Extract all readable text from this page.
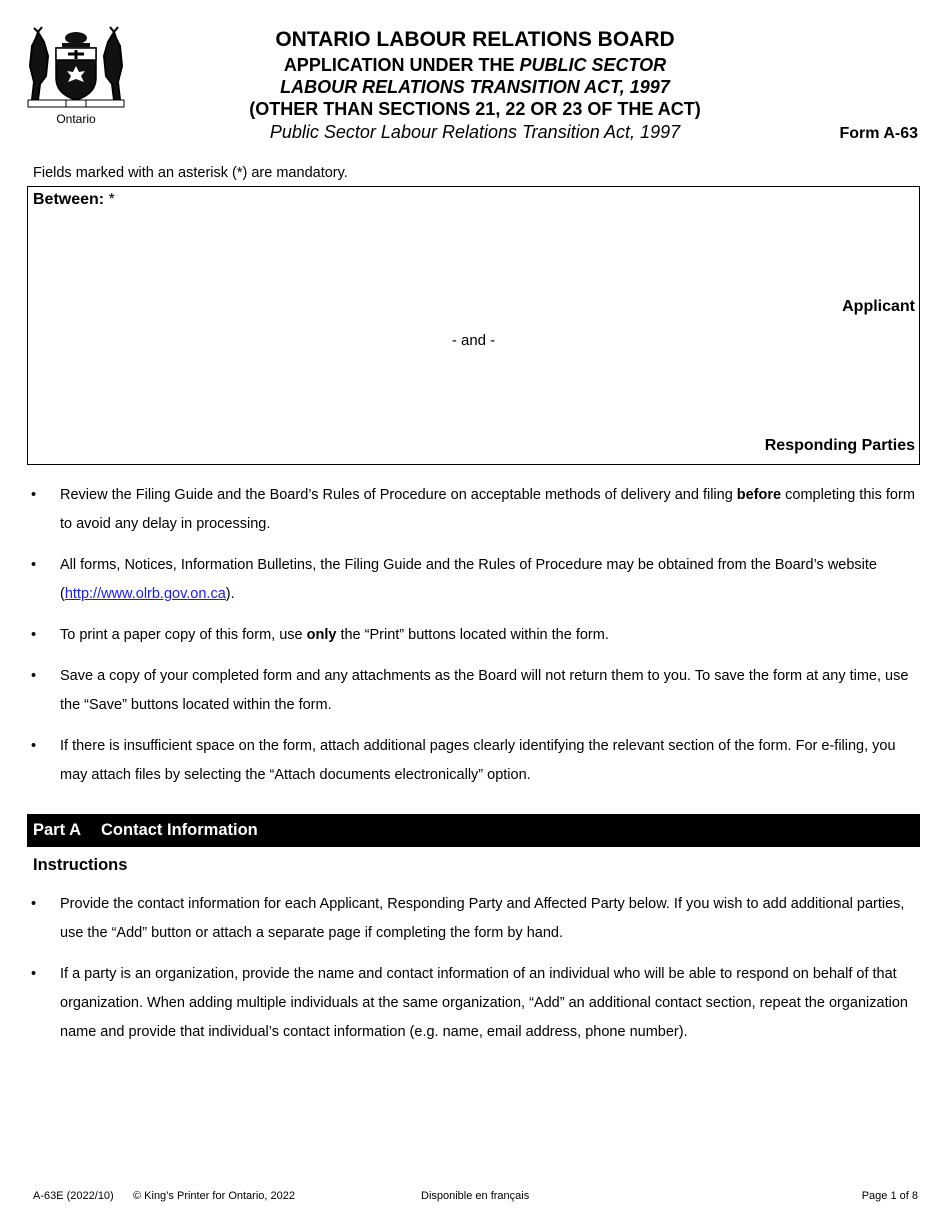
Ontario
ONTARIO LABOUR RELATIONS BOARD
APPLICATION UNDER THE PUBLIC SECTOR
LABOUR RELATIONS TRANSITION ACT, 1997
(OTHER THAN SECTIONS 21, 22 OR 23 OF THE ACT)
Public Sector Labour Relations Transition Act, 1997	Form A-63
Fields marked with an asterisk (*) are mandatory.
Between: *
Applicant
- and -
Responding Parties
• Review the Filing Guide and the Board’s Rules of Procedure on acceptable methods of delivery and filing before completing this form to avoid any delay in processing.
• All forms, Notices, Information Bulletins, the Filing Guide and the Rules of Procedure may be obtained from the Board’s website (http://www.olrb.gov.on.ca).
• To print a paper copy of this form, use only the “Print” buttons located within the form.
• Save a copy of your completed form and any attachments as the Board will not return them to you. To save the form at any time, use the “Save” buttons located within the form.
• If there is insufficient space on the form, attach additional pages clearly identifying the relevant section of the form. For e-filing, you may attach files by selecting the “Attach documents electronically” option.
Part A Contact Information
Instructions
• Provide the contact information for each Applicant, Responding Party and Affected Party below. If you wish to add additional parties, use the “Add” button or attach a separate page if completing the form by hand.
• If a party is an organization, provide the name and contact information of an individual who will be able to respond on behalf of that organization. When adding multiple individuals at the same organization, “Add” an additional contact section, repeat the organization name and provide that individual’s contact information (e.g. name, email address, phone number).
A-63E (2022/10) © King’s Printer for Ontario, 2022	Disponible en français	Page 1 of 8
